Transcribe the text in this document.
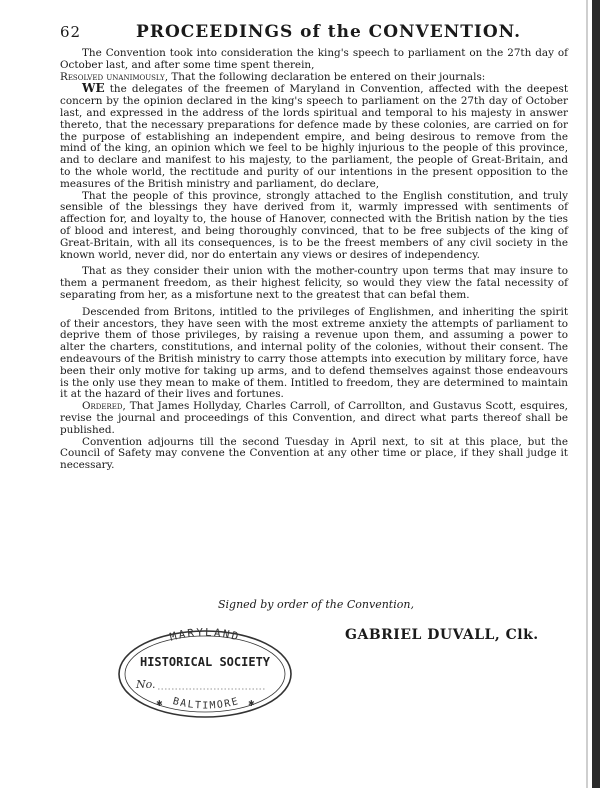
62	PROCEEDINGS of the CONVENTION.

The Convention took into consideration the king's speech to parliament on the 27th day of October last, and after some time spent therein,

Resolved unanimously, That the following declaration be entered on their journals:

WE the delegates of the freemen of Maryland in Convention, affected with the deepest concern by the opinion declared in the king's speech to parliament on the 27th day of October last, and expressed in the address of the lords spiritual and temporal to his majesty in answer thereto, that the necessary preparations for defence made by these colonies, are carried on for the purpose of establishing an independent empire, and being desirous to remove from the mind of the king, an opinion which we feel to be highly injurious to the people of this province, and to declare and manifest to his majesty, to the parliament, the people of Great-Britain, and to the whole world, the rectitude and purity of our intentions in the present opposition to the measures of the British ministry and parliament, do declare,

That the people of this province, strongly attached to the English constitution, and truly sensible of the blessings they have derived from it, warmly impressed with sentiments of affection for, and loyalty to, the house of Hanover, connected with the British nation by the ties of blood and interest, and being thoroughly convinced, that to be free subjects of the king of Great-Britain, with all its consequences, is to be the freest members of any civil society in the known world, never did, nor do entertain any views or desires of independency.

That as they consider their union with the mother-country upon terms that may insure to them a permanent freedom, as their highest felicity, so would they view the fatal necessity of separating from her, as a misfortune next to the greatest that can befal them.

Descended from Britons, intitled to the privileges of Englishmen, and inheriting the spirit of their ancestors, they have seen with the most extreme anxiety the attempts of parliament to deprive them of those privileges, by raising a revenue upon them, and assuming a power to alter the charters, constitutions, and internal polity of the colonies, without their consent. The endeavours of the British ministry to carry those attempts into execution by military force, have been their only motive for taking up arms, and to defend themselves against those endeavours is the only use they mean to make of them. Intitled to freedom, they are determined to maintain it at the hazard of their lives and fortunes.

Ordered, That James Hollyday, Charles Carroll, of Carrollton, and Gustavus Scott, esquires, revise the journal and proceedings of this Convention, and direct what parts thereof shall be published.

Convention adjourns till the second Tuesday in April next, to sit at this place, but the Council of Safety may convene the Convention at any other time or place, if they shall judge it necessary.

Signed by order of the Convention,
GABRIEL DUVALL, Clk.
MARYLAND
HISTORICAL SOCIETY
No.
BALTIMORE
✱	✱
